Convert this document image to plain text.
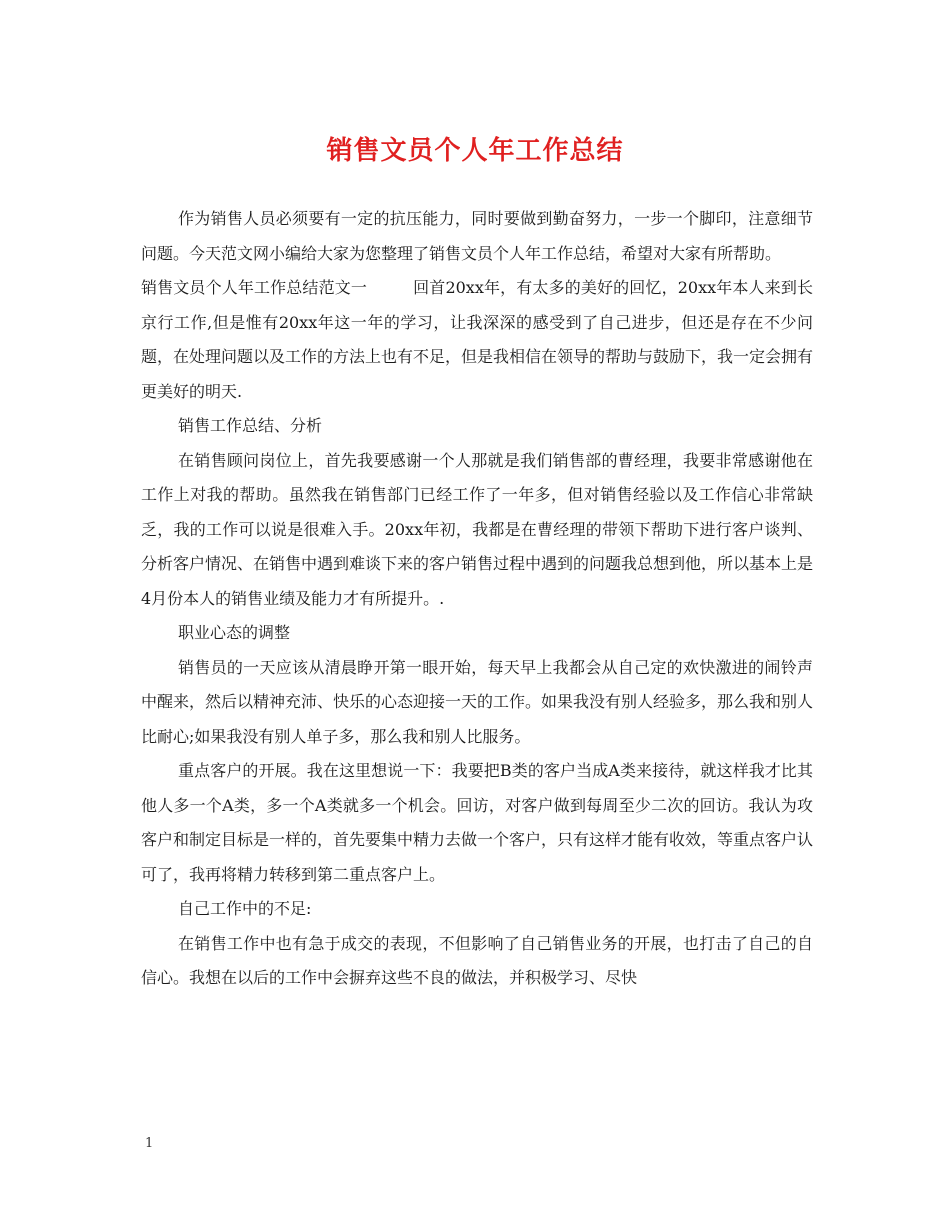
销售文员个人年工作总结

作为销售人员必须要有一定的抗压能力，同时要做到勤奋努力，一步一个脚印，注意细节问题。今天范文网小编给大家为您整理了销售文员个人年工作总结，希望对大家有所帮助。

销售文员个人年工作总结范文一	回首20xx年，有太多的美好的回忆，20xx年本人来到长京行工作,但是惟有20xx年这一年的学习，让我深深的感受到了自己进步，但还是存在不少问题，在处理问题以及工作的方法上也有不足，但是我相信在领导的帮助与鼓励下，我一定会拥有更美好的明天.

销售工作总结、分析

在销售顾问岗位上，首先我要感谢一个人那就是我们销售部的曹经理，我要非常感谢他在工作上对我的帮助。虽然我在销售部门已经工作了一年多，但对销售经验以及工作信心非常缺乏，我的工作可以说是很难入手。20xx年初，我都是在曹经理的带领下帮助下进行客户谈判、分析客户情况、在销售中遇到难谈下来的客户销售过程中遇到的问题我总想到他，所以基本上是4月份本人的销售业绩及能力才有所提升。.

职业心态的调整

销售员的一天应该从清晨睁开第一眼开始，每天早上我都会从自己定的欢快激进的闹铃声中醒来，然后以精神充沛、快乐的心态迎接一天的工作。如果我没有别人经验多，那么我和别人比耐心;如果我没有别人单子多，那么我和别人比服务。

重点客户的开展。我在这里想说一下：我要把B类的客户当成A类来接待，就这样我才比其他人多一个A类，多一个A类就多一个机会。回访，对客户做到每周至少二次的回访。我认为攻客户和制定目标是一样的，首先要集中精力去做一个客户，只有这样才能有收效，等重点客户认可了，我再将精力转移到第二重点客户上。

自己工作中的不足:

在销售工作中也有急于成交的表现，不但影响了自己销售业务的开展，也打击了自己的自信心。我想在以后的工作中会摒弃这些不良的做法，并积极学习、尽快

1
